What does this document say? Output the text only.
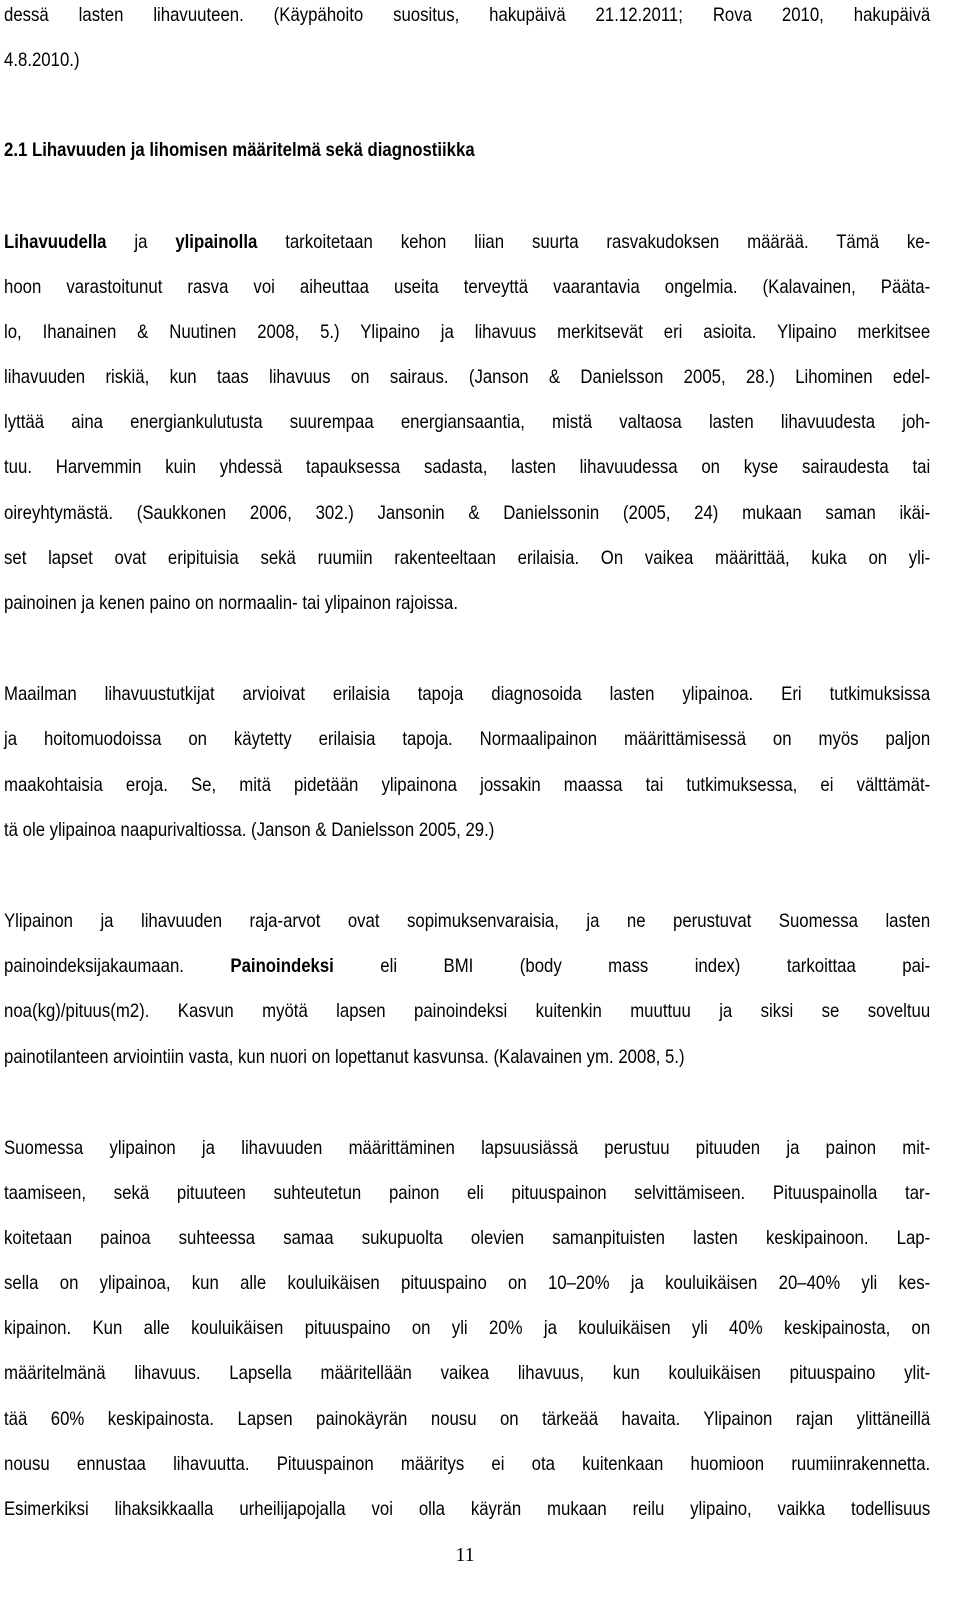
dessä lasten lihavuuteen. (Käypähoito suositus, hakupäivä 21.12.2011; Rova 2010, hakupäivä
4.8.2010.)
2.1 Lihavuuden ja lihomisen määritelmä sekä diagnostiikka
Lihavuudella ja ylipainolla tarkoitetaan kehon liian suurta rasvakudoksen määrää. Tämä ke-
hoon varastoitunut rasva voi aiheuttaa useita terveyttä vaarantavia ongelmia. (Kalavainen, Päätа-
lo, Ihanainen & Nuutinen 2008, 5.) Ylipaino ja lihavuus merkitsevät eri asioita. Ylipaino merkitsee
lihavuuden riskiä, kun taas lihavuus on sairaus. (Janson & Danielsson 2005, 28.) Lihominen edel-
lyttää aina energiankulutusta suurempaa energiansaantia, mistä valtaosa lasten lihavuudesta joh-
tuu. Harvemmin kuin yhdessä tapauksessa sadasta, lasten lihavuudessa on kyse sairaudesta tai
oireyhtymästä. (Saukkonen 2006, 302.) Jansonin & Danielssonin (2005, 24) mukaan saman ikäi-
set lapset ovat eripituisia sekä ruumiin rakenteeltaan erilaisia. On vaikea määrittää, kuka on yli-
painoinen ja kenen paino on normaalin- tai ylipainon rajoissa.
Maailman lihavuustutkijat arvioivat erilaisia tapoja diagnosoida lasten ylipainoa. Eri tutkimuksissa
ja hoitomuodoissa on käytetty erilaisia tapoja. Normaalipainon määrittämisessä on myös paljon
maakohtaisia eroja. Se, mitä pidetään ylipainona jossakin maassa tai tutkimuksessa, ei välttämät-
tä ole ylipainoa naapurivaltiossa. (Janson & Danielsson 2005, 29.)
Ylipainon ja lihavuuden raja-arvot ovat sopimuksenvaraisia, ja ne perustuvat Suomessa lasten
painoindeksijakaumaan. Painoindeksi eli BMI (body mass index) tarkoittaa pai-
noa(kg)/pituus(m2). Kasvun myötä lapsen painoindeksi kuitenkin muuttuu ja siksi se soveltuu
painotilanteen arviointiin vasta, kun nuori on lopettanut kasvunsa. (Kalavainen ym. 2008, 5.)
Suomessa ylipainon ja lihavuuden määrittäminen lapsuusiässä perustuu pituuden ja painon mit-
taamiseen, sekä pituuteen suhteutetun painon eli pituuspainon selvittämiseen. Pituuspainolla tar-
koitetaan painoa suhteessa samaa sukupuolta olevien samanpituisten lasten keskipainoon. Lap-
sella on ylipainoa, kun alle kouluikäisen pituuspaino on 10–20% ja kouluikäisen 20–40% yli kes-
kipainon. Kun alle kouluikäisen pituuspaino on yli 20% ja kouluikäisen yli 40% keskipainosta, on
määritelmänä lihavuus. Lapsella määritellään vaikea lihavuus, kun kouluikäisen pituuspaino ylit-
tää 60% keskipainosta. Lapsen painokäyrän nousu on tärkeää havaita. Ylipainon rajan ylittäneillä
nousu ennustaa lihavuutta. Pituuspainon määritys ei ota kuitenkaan huomioon ruumiinrakennetta.
Esimerkiksi lihaksikkaalla urheilijapojalla voi olla käyrän mukaan reilu ylipaino, vaikka todellisuus
11
